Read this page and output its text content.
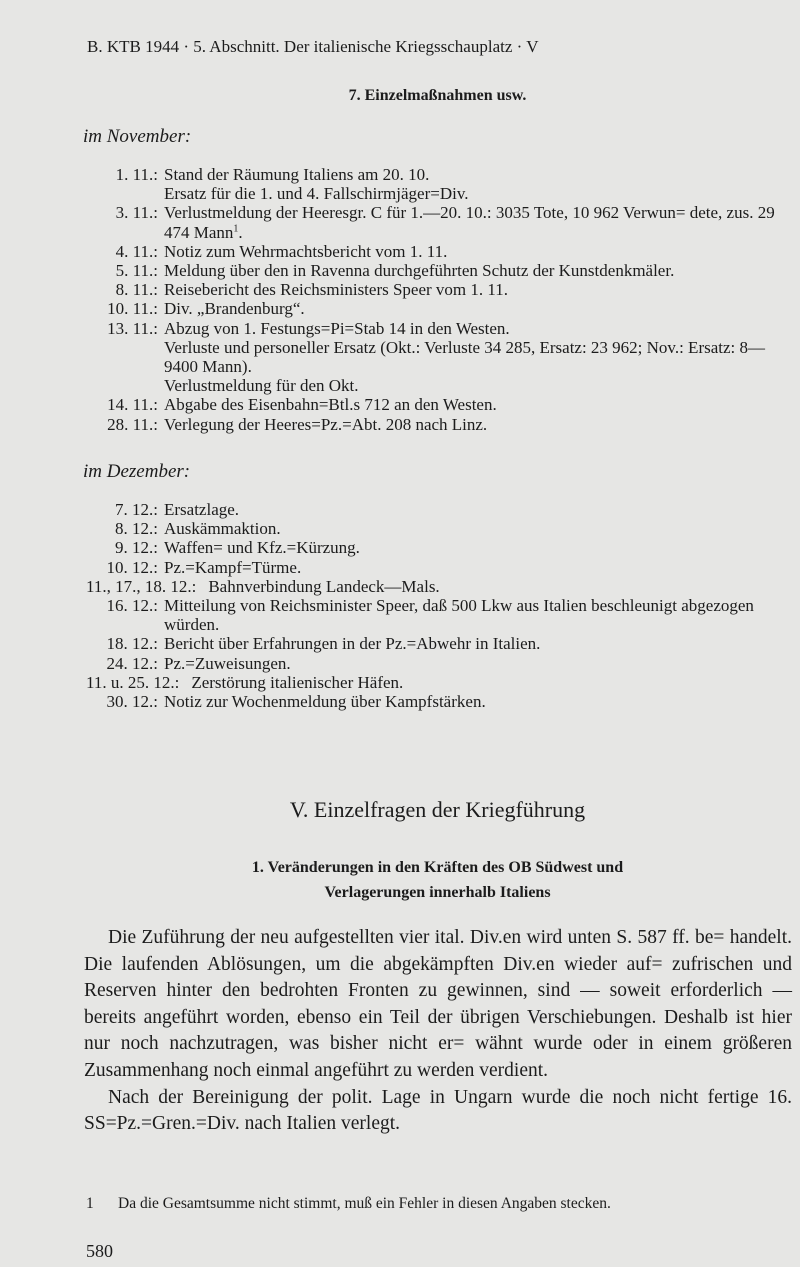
B. KTB 1944 · 5. Abschnitt. Der italienische Kriegsschauplatz · V
7. Einzelmaßnahmen usw.
im November:
1. 11.: Stand der Räumung Italiens am 20. 10.
Ersatz für die 1. und 4. Fallschirmjäger=Div.
3. 11.: Verlustmeldung der Heeresgr. C für 1.—20. 10.: 3035 Tote, 10 962 Verwun= dete, zus. 29 474 Mann$^1$.
4. 11.: Notiz zum Wehrmachtsbericht vom 1. 11.
5. 11.: Meldung über den in Ravenna durchgeführten Schutz der Kunstdenkmäler.
8. 11.: Reisebericht des Reichsministers Speer vom 1. 11.
10. 11.: Div. „Brandenburg“.
13. 11.: Abzug von 1. Festungs=Pi=Stab 14 in den Westen.
Verluste und personeller Ersatz (Okt.: Verluste 34 285, Ersatz: 23 962; Nov.: Ersatz: 8—9400 Mann).
Verlustmeldung für den Okt.
14. 11.: Abgabe des Eisenbahn=Btl.s 712 an den Westen.
28. 11.: Verlegung der Heeres=Pz.=Abt. 208 nach Linz.
im Dezember:
7. 12.: Ersatzlage.
8. 12.: Auskämmaktion.
9. 12.: Waffen= und Kfz.=Kürzung.
10. 12.: Pz.=Kampf=Türme.
11., 17., 18. 12.: Bahnverbindung Landeck—Mals.
16. 12.: Mitteilung von Reichsminister Speer, daß 500 Lkw aus Italien beschleunigt abgezogen würden.
18. 12.: Bericht über Erfahrungen in der Pz.=Abwehr in Italien.
24. 12.: Pz.=Zuweisungen.
11. u. 25. 12.: Zerstörung italienischer Häfen.
30. 12.: Notiz zur Wochenmeldung über Kampfstärken.
V. Einzelfragen der Kriegführung
1. Veränderungen in den Kräften des OB Südwest und
Verlagerungen innerhalb Italiens

Die Zuführung der neu aufgestellten vier ital. Div.en wird unten S. 587 ff. be= handelt. Die laufenden Ablösungen, um die abgekämpften Div.en wieder auf= zufrischen und Reserven hinter den bedrohten Fronten zu gewinnen, sind — soweit erforderlich — bereits angeführt worden, ebenso ein Teil der übrigen Verschiebungen. Deshalb ist hier nur noch nachzutragen, was bisher nicht er= wähnt wurde oder in einem größeren Zusammenhang noch einmal angeführt zu werden verdient.

Nach der Bereinigung der polit. Lage in Ungarn wurde die noch nicht fertige 16. SS=Pz.=Gren.=Div. nach Italien verlegt.

1 Da die Gesamtsumme nicht stimmt, muß ein Fehler in diesen Angaben stecken.
580
